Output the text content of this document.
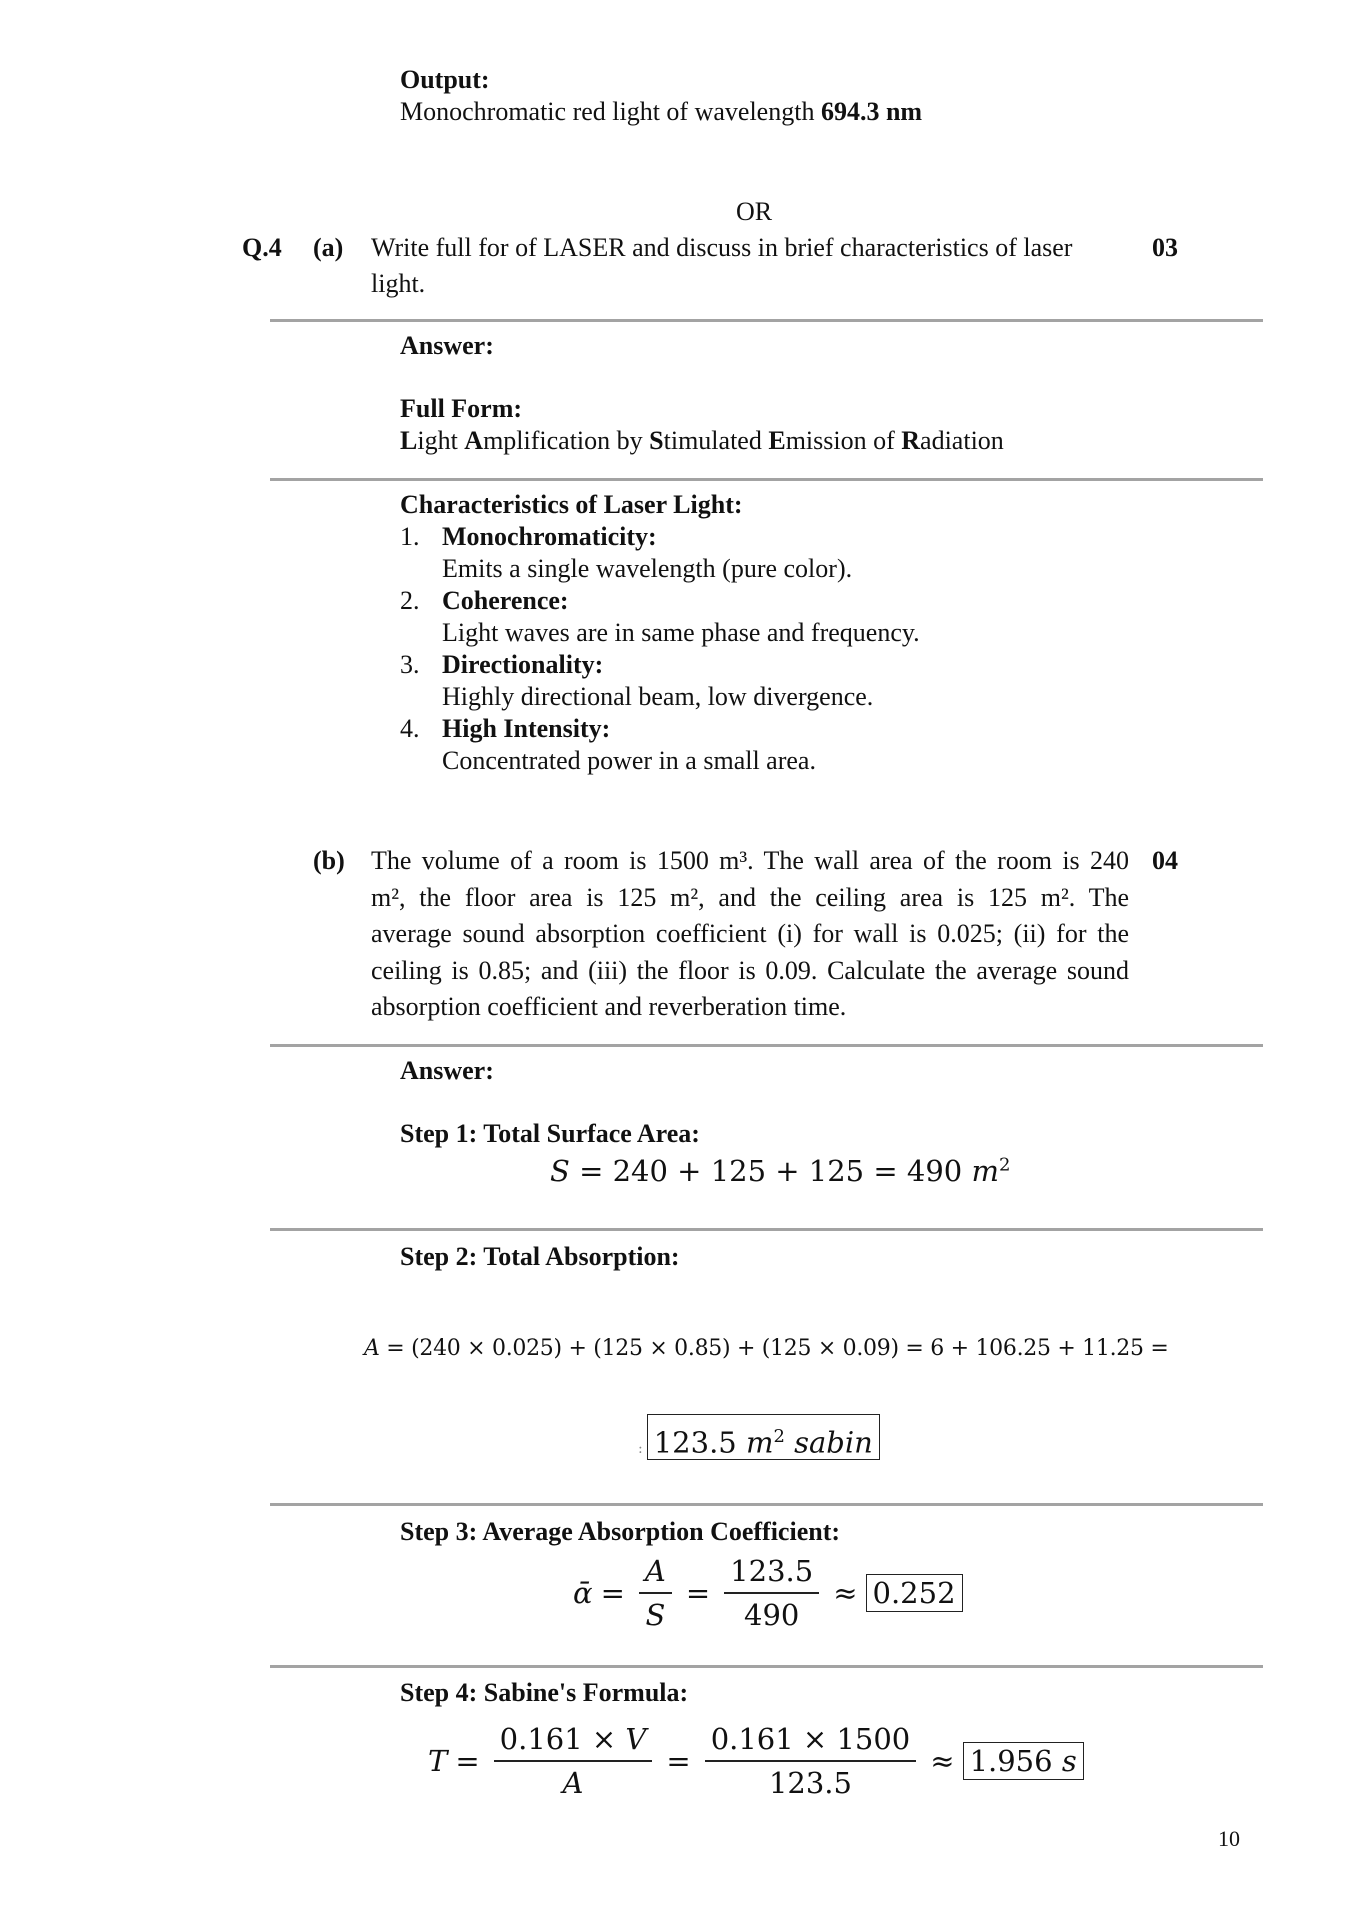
Output:
Monochromatic red light of wavelength 694.3 nm
OR
Q.4 (a) Write full for of LASER and discuss in brief characteristics of laser
light.
03
Answer:
Full Form:
Light Amplification by Stimulated Emission of Radiation
Characteristics of Laser Light:
1. Monochromaticity:
Emits a single wavelength (pure color).
2. Coherence:
Light waves are in same phase and frequency.
3. Directionality:
Highly directional beam, low divergence.
4. High Intensity:
Concentrated power in a small area.
(b)	04
The volume of a room is 1500 m³. The wall area of the room is 240
m², the floor area is 125 m², and the ceiling area is 125 m². The
average sound absorption coefficient (i) for wall is 0.025; (ii) for the
ceiling is 0.85; and (iii) the floor is 0.09. Calculate the average sound
absorption coefficient and reverberation time.
Answer:
Step 1: Total Surface Area:
S = 240 + 125 + 125 = 490 $m^2$
Step 2: Total Absorption:
A = (240 × 0.025) + (125 × 0.85) + (125 × 0.09) = 6 + 106.25 + 11.25 =
: 123.5 $m^2$ sabin
Step 3: Average Absorption Coefficient:
ᾱ = $\frac{A}{S} = \frac{123.5}{490} \approx 0.252$
Step 4: Sabine's Formula:
$T = \frac{0.161 \times V}{A} = \frac{0.161 \times 1500}{123.5} \approx 1.956$ s
10
